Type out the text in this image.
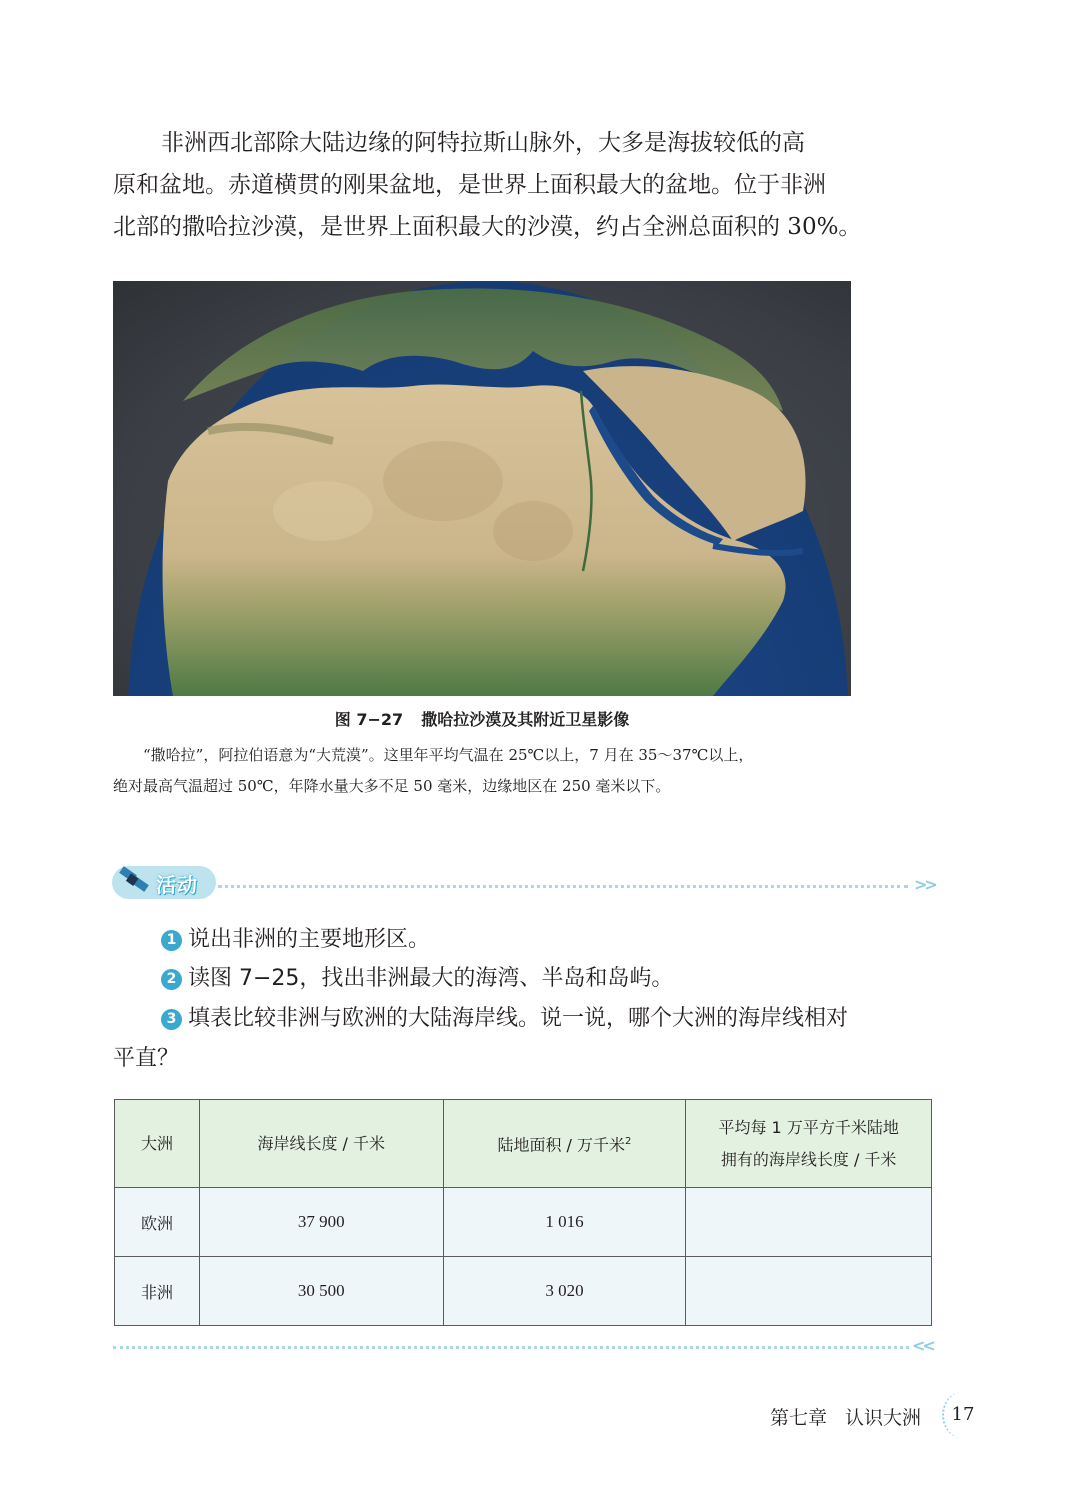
非洲西北部除大陆边缘的阿特拉斯山脉外，大多是海拔较低的高
原和盆地。赤道横贯的刚果盆地，是世界上面积最大的盆地。位于非洲
北部的撒哈拉沙漠，是世界上面积最大的沙漠，约占全洲总面积的 30%。

图 7−27 撒哈拉沙漠及其附近卫星影像

“撒哈拉”，阿拉伯语意为“大荒漠”。这里年平均气温在 25℃以上，7 月在 35～37℃以上，
绝对最高气温超过 50℃，年降水量大多不足 50 毫米，边缘地区在 250 毫米以下。

活动	>>

1 说出非洲的主要地形区。

2 读图 7−25，找出非洲最大的海湾、半岛和岛屿。

3 填表比较非洲与欧洲的大陆海岸线。说一说，哪个大洲的海岸线相对
平直？

大洲	海岸线长度 / 千米	陆地面积 / 万千米$^2$	平均每 1 万平方千米陆地
拥有的海岸线长度 / 千米
欧洲	37 900	1 016	
非洲	30 500	3 020	
<<
第七章 认识大洲	17
